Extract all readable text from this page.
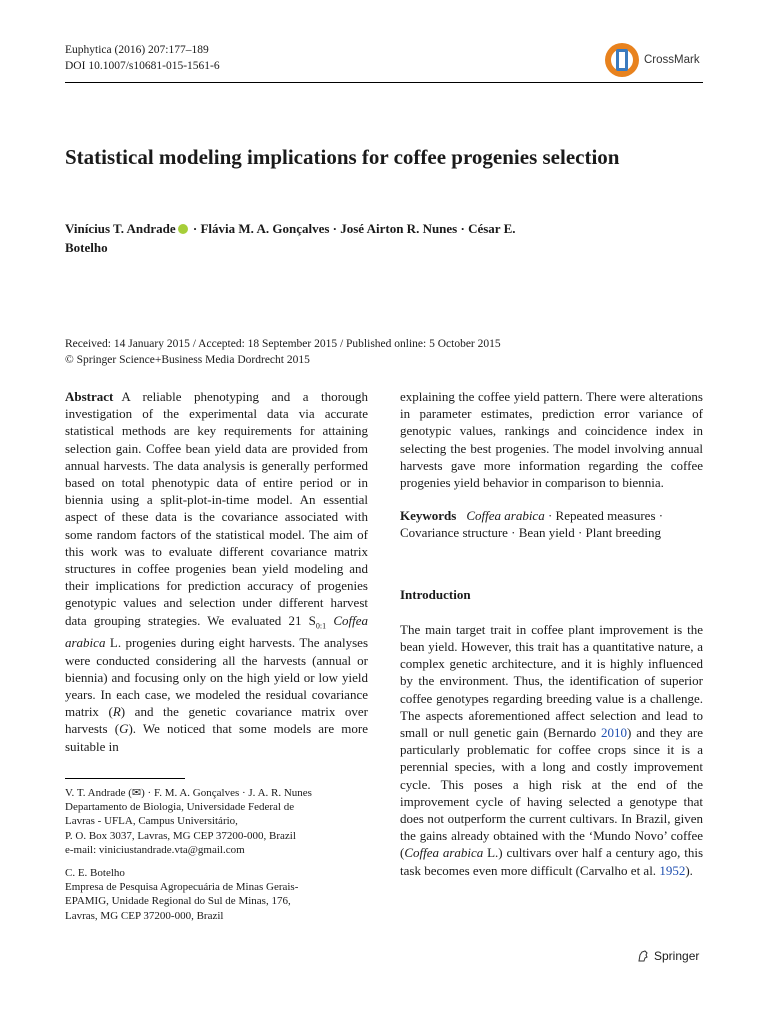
Euphytica (2016) 207:177–189
DOI 10.1007/s10681-015-1561-6	CrossMark
Statistical modeling implications for coffee progenies selection
Vinícius T. Andrade · Flávia M. A. Gonçalves · José Airton R. Nunes · César E. Botelho
Received: 14 January 2015 / Accepted: 18 September 2015 / Published online: 5 October 2015
© Springer Science+Business Media Dordrecht 2015

Abstract A reliable phenotyping and a thorough investigation of the experimental data via accurate statistical methods are key requirements for attaining selection gain. Coffee bean yield data are provided from annual harvests. The data analysis is generally performed based on total phenotypic data of entire period or in biennia using a split-plot-in-time model. An essential aspect of these data is the covariance associated with some random factors of the statistical model. The aim of this work was to evaluate different covariance matrix structures in coffee progenies bean yield modeling and their implications for prediction accuracy of progenies genotypic values and selection under different harvest data grouping strategies. We evaluated 21 $S_{0:1}$ Coffea arabica L. progenies during eight harvests. The analyses were conducted considering all the harvests (annual or biennia) and focusing only on the high yield or low yield years. In each case, we modeled the residual covariance matrix (R) and the genetic covariance matrix over harvests (G). We noticed that some models are more suitable in

V. T. Andrade (✉) · F. M. A. Gonçalves · J. A. R. Nunes
Departamento de Biologia, Universidade Federal de
Lavras - UFLA, Campus Universitário,
P. O. Box 3037, Lavras, MG CEP 37200-000, Brazil
e-mail: viniciustandrade.vta@gmail.com
C. E. Botelho
Empresa de Pesquisa Agropecuária de Minas Gerais-
EPAMIG, Unidade Regional do Sul de Minas, 176,
Lavras, MG CEP 37200-000, Brazil

explaining the coffee yield pattern. There were alterations in parameter estimates, prediction error variance of genotypic values, rankings and coincidence index in selecting the best progenies. The model involving annual harvests gave more information regarding the coffee progenies yield behavior in comparison to biennia.

Keywords Coffea arabica · Repeated measures · Covariance structure · Bean yield · Plant breeding

Introduction

The main target trait in coffee plant improvement is the bean yield. However, this trait has a quantitative nature, a complex genetic architecture, and it is highly influenced by the environment. Thus, the identification of superior coffee genotypes regarding breeding value is a challenge. The aspects aforementioned affect selection and lead to small or null genetic gain (Bernardo 2010) and they are particularly problematic for coffee crops since it is a perennial species, with a long and costly improvement cycle. This poses a high risk at the end of the improvement cycle of having selected a genotype that does not outperform the current cultivars. In Brazil, given the gains already obtained with the ‘Mundo Novo’ coffee (Coffea arabica L.) cultivars over half a century ago, this task becomes even more difficult (Carvalho et al. 1952).

Springer
